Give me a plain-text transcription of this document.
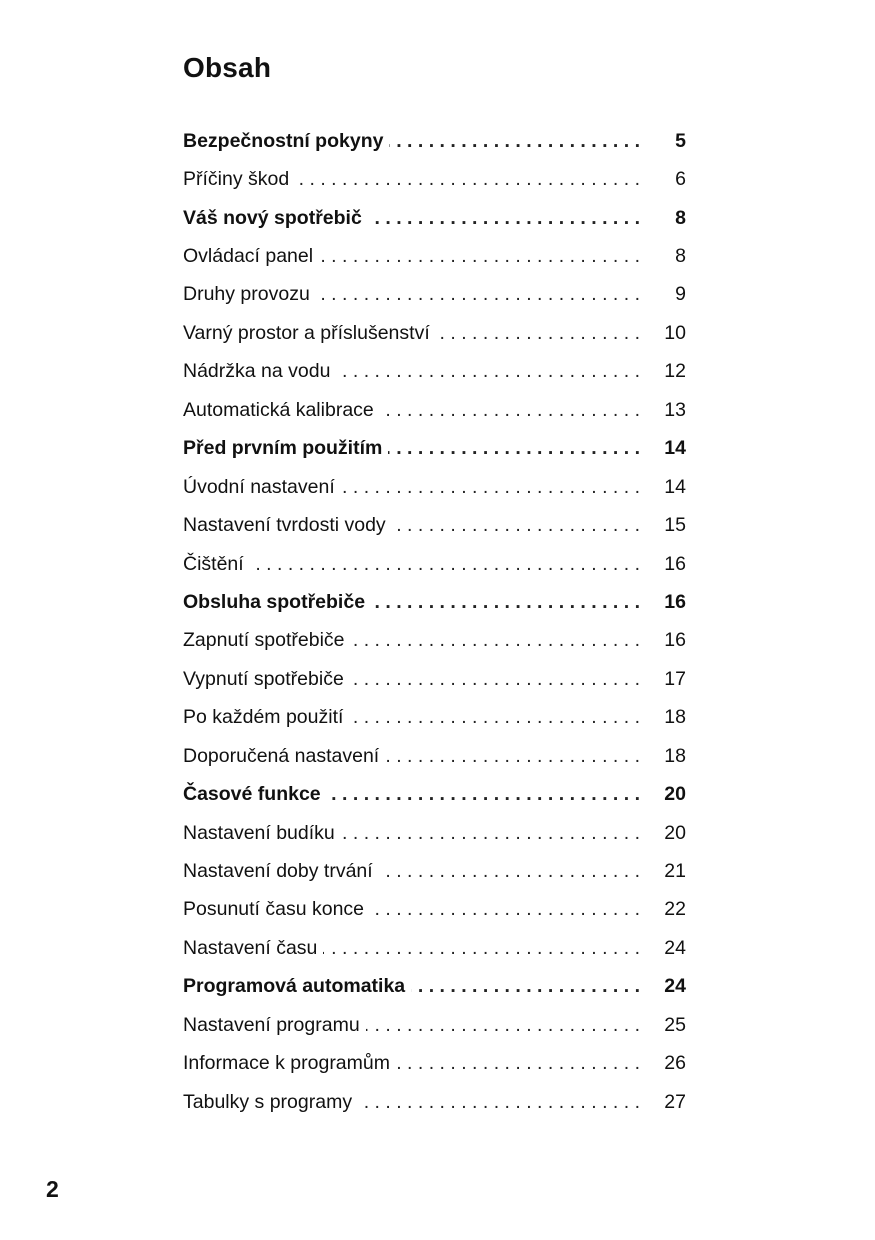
Obsah
Bezpečnostní pokyny . . .	5
Příčiny škod . . .	6
Váš nový spotřebič . . .	8
Ovládací panel . . .	8
Druhy provozu . . .	9
Varný prostor a příslušenství . . .	10
Nádržka na vodu . . .	12
Automatická kalibrace . . .	13
Před prvním použitím . . .	14
Úvodní nastavení . . .	14
Nastavení tvrdosti vody . . .	15
Čištění . . .	16
Obsluha spotřebiče . . .	16
Zapnutí spotřebiče . . .	16
Vypnutí spotřebiče . . .	17
Po každém použití . . .	18
Doporučená nastavení . . .	18
Časové funkce . . .	20
Nastavení budíku . . .	20
Nastavení doby trvání . . .	21
Posunutí času konce . . .	22
Nastavení času . . .	24
Programová automatika . . .	24
Nastavení programu . . .	25
Informace k programům . . .	26
Tabulky s programy . . .	27
2
